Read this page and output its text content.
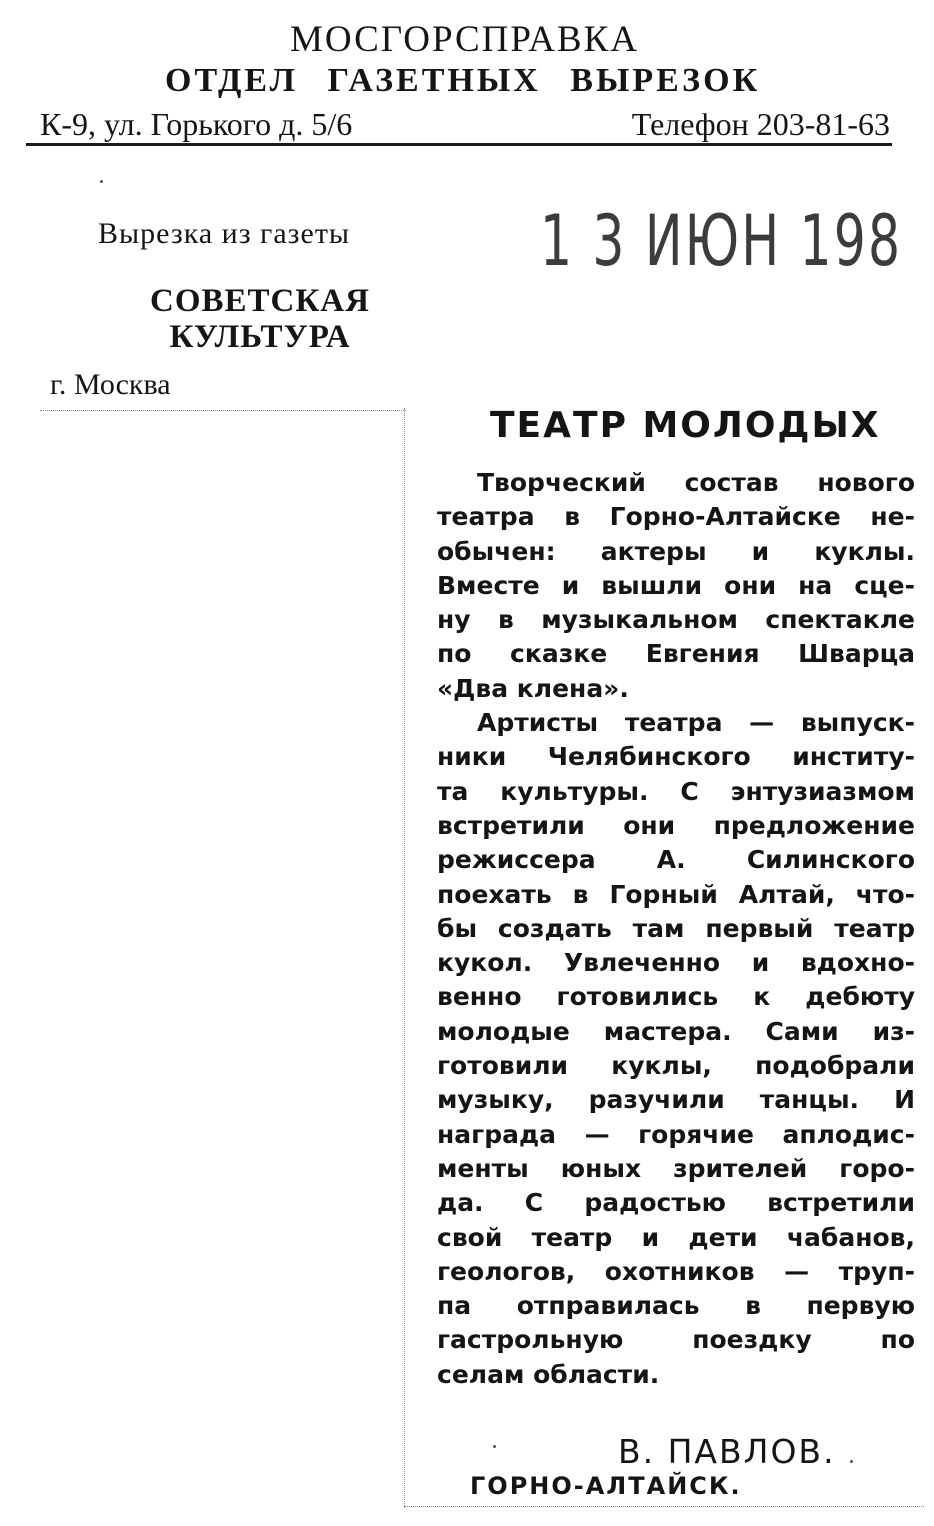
МОСГОРСПРАВКА
ОТДЕЛ ГАЗЕТНЫХ ВЫРЕЗОК
К-9, ул. Горького д. 5/6	Телефон 203-81-63
Вырезка из газеты
СОВЕТСКАЯ
КУЛЬТУРА
г. Москва
1 3 ИЮН 198
ТЕАТР МОЛОДЫХ
Творческий состав нового
театра в Горно-Алтайске не-
обычен: актеры и куклы.
Вместе и вышли они на сце-
ну в музыкальном спектакле
по сказке Евгения Шварца
«Два клена».
Артисты театра — выпуск-
ники Челябинского институ-
та культуры. С энтузиазмом
встретили они предложение
режиссера А. Силинского
поехать в Горный Алтай, что-
бы создать там первый театр
кукол. Увлеченно и вдохно-
венно готовились к дебюту
молодые мастера. Сами из-
готовили куклы, подобрали
музыку, разучили танцы. И
награда — горячие аплодис-
менты юных зрителей горо-
да. С радостью встретили
свой театр и дети чабанов,
геологов, охотников — труп-
па отправилась в первую
гастрольную поездку по
селам области.
В. ПАВЛОВ.
ГОРНО-АЛТАЙСК.
